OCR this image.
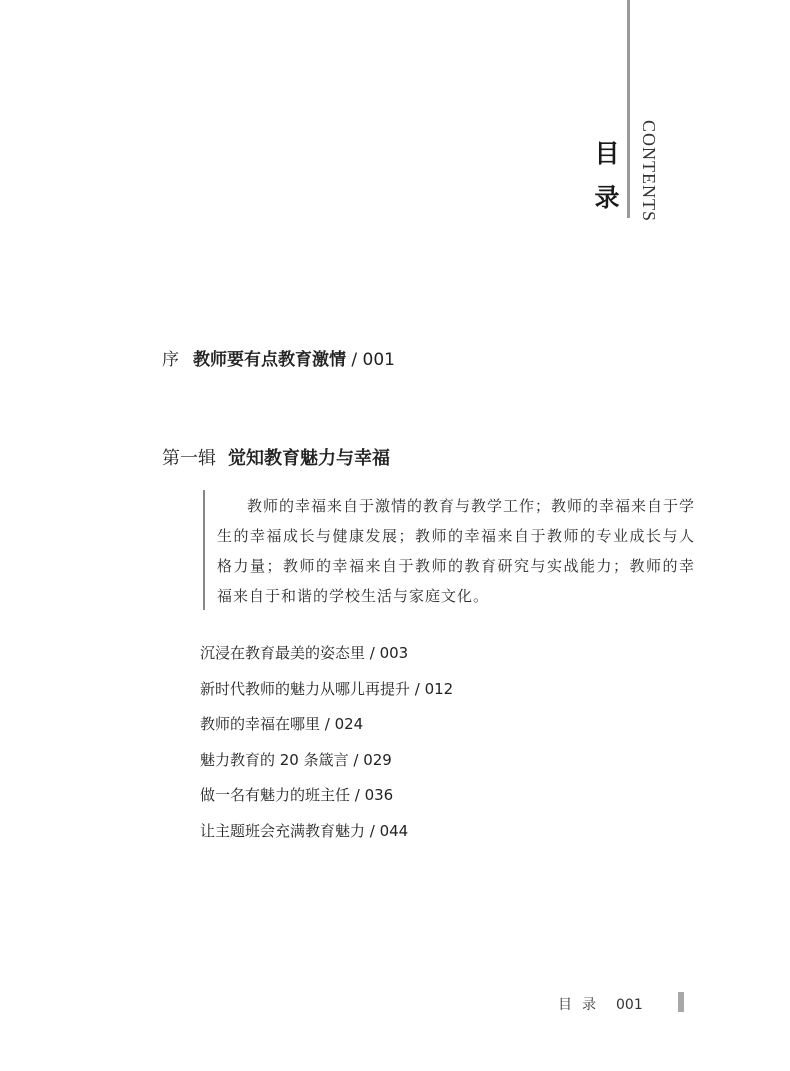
目
录 CONTENTS
序 教师要有点教育激情 / 001
第一辑 觉知教育魅力与幸福
教师的幸福来自于激情的教育与教学工作；教师的幸福来自于学生的幸福成长与健康发展；教师的幸福来自于教师的专业成长与人格力量；教师的幸福来自于教师的教育研究与实战能力；教师的幸福来自于和谐的学校生活与家庭文化。
沉浸在教育最美的姿态里 / 003
新时代教师的魅力从哪儿再提升 / 012
教师的幸福在哪里 / 024
魅力教育的 20 条箴言 / 029
做一名有魅力的班主任 / 036
让主题班会充满教育魅力 / 044
目录 001
